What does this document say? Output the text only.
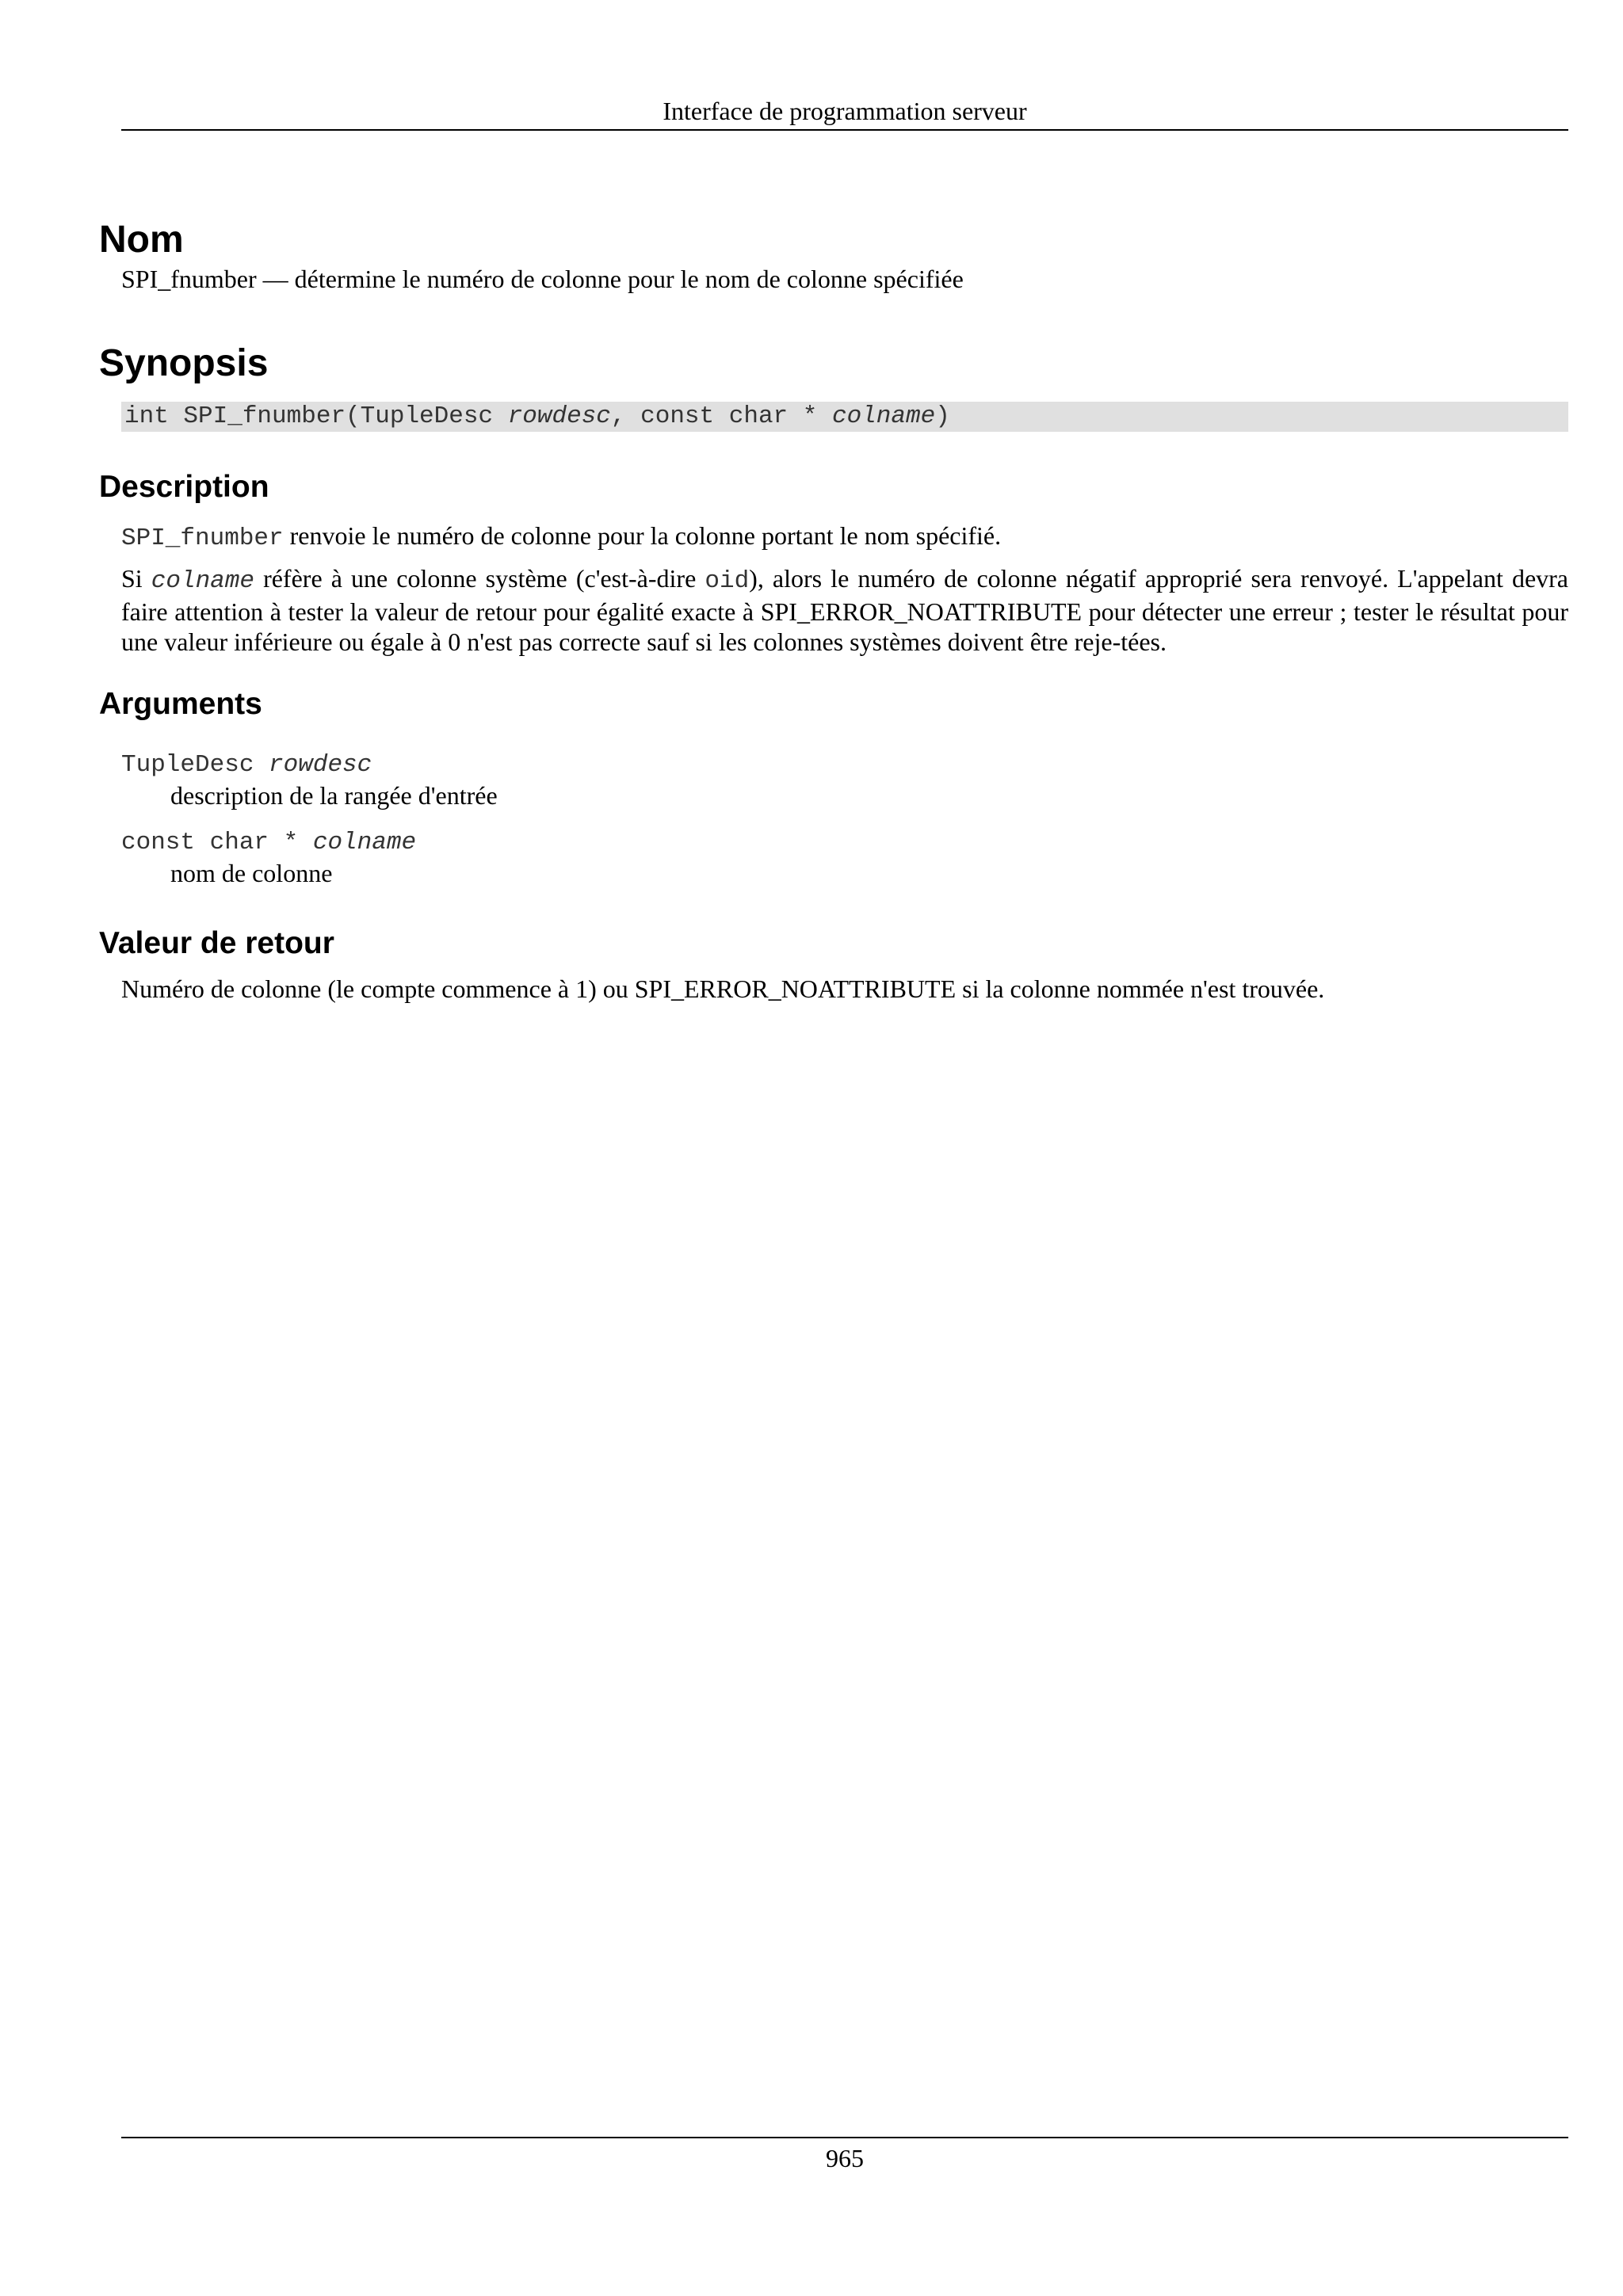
Interface de programmation serveur
Nom

SPI_fnumber — détermine le numéro de colonne pour le nom de colonne spécifiée

Synopsis
int SPI_fnumber(TupleDesc rowdesc, const char * colname)
Description

SPI_fnumber renvoie le numéro de colonne pour la colonne portant le nom spécifié.

Si colname réfère à une colonne système (c'est-à-dire oid), alors le numéro de colonne négatif approprié sera renvoyé. L'appelant devra faire attention à tester la valeur de retour pour égalité exacte à SPI_ERROR_NOATTRIBUTE pour détecter une erreur ; tester le résultat pour une valeur inférieure ou égale à 0 n'est pas correcte sauf si les colonnes systèmes doivent être reje-tées.

Arguments
TupleDesc rowdesc
description de la rangée d'entrée
const char * colname
nom de colonne
Valeur de retour

Numéro de colonne (le compte commence à 1) ou SPI_ERROR_NOATTRIBUTE si la colonne nommée n'est trouvée.

965
